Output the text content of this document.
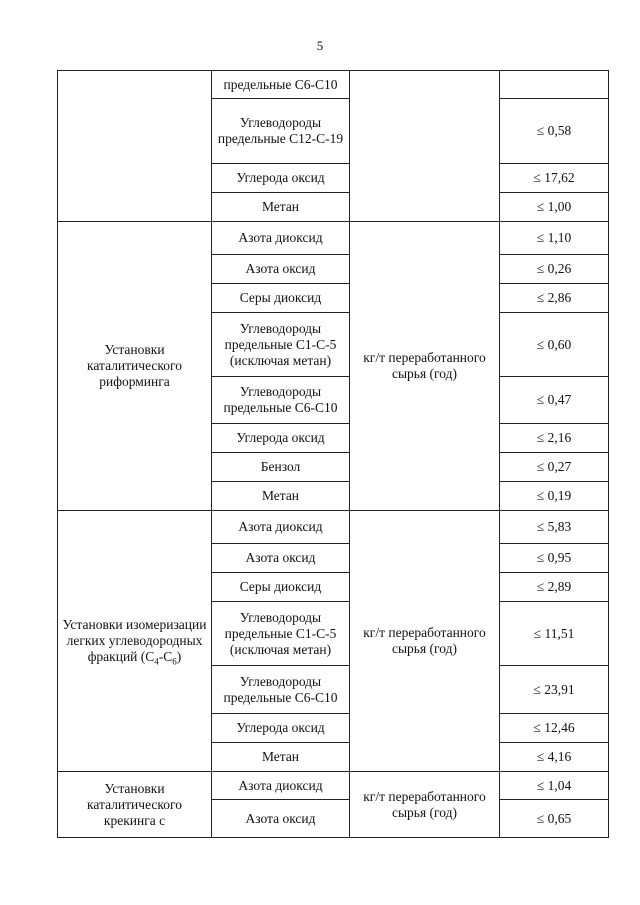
5
	предельные С6-С10		
	Углеводороды предельные С12-С-19		≤ 0,58
	Углерода оксид		≤ 17,62
	Метан		≤ 1,00
Установки каталитического риформинга	Азота диоксид	кг/т переработанного сырья (год)	≤ 1,10
	Азота оксид		≤ 0,26
	Серы диоксид		≤ 2,86
	Углеводороды предельные С1-С-5 (исключая метан)		≤ 0,60
	Углеводороды предельные С6-С10		≤ 0,47
	Углерода оксид		≤ 2,16
	Бензол		≤ 0,27
	Метан		≤ 0,19
Установки изомеризации легких углеводородных фракций $(С_4-С_6)$	Азота диоксид	кг/т переработанного сырья (год)	≤ 5,83
	Азота оксид		≤ 0,95
	Серы диоксид		≤ 2,89
	Углеводороды предельные С1-С-5 (исключая метан)		≤ 11,51
	Углеводороды предельные С6-С10		≤ 23,91
	Углерода оксид		≤ 12,46
	Метан		≤ 4,16
Установки каталитического крекинга с	Азота диоксид	кг/т переработанного сырья (год)	≤ 1,04
	Азота оксид		≤ 0,65
